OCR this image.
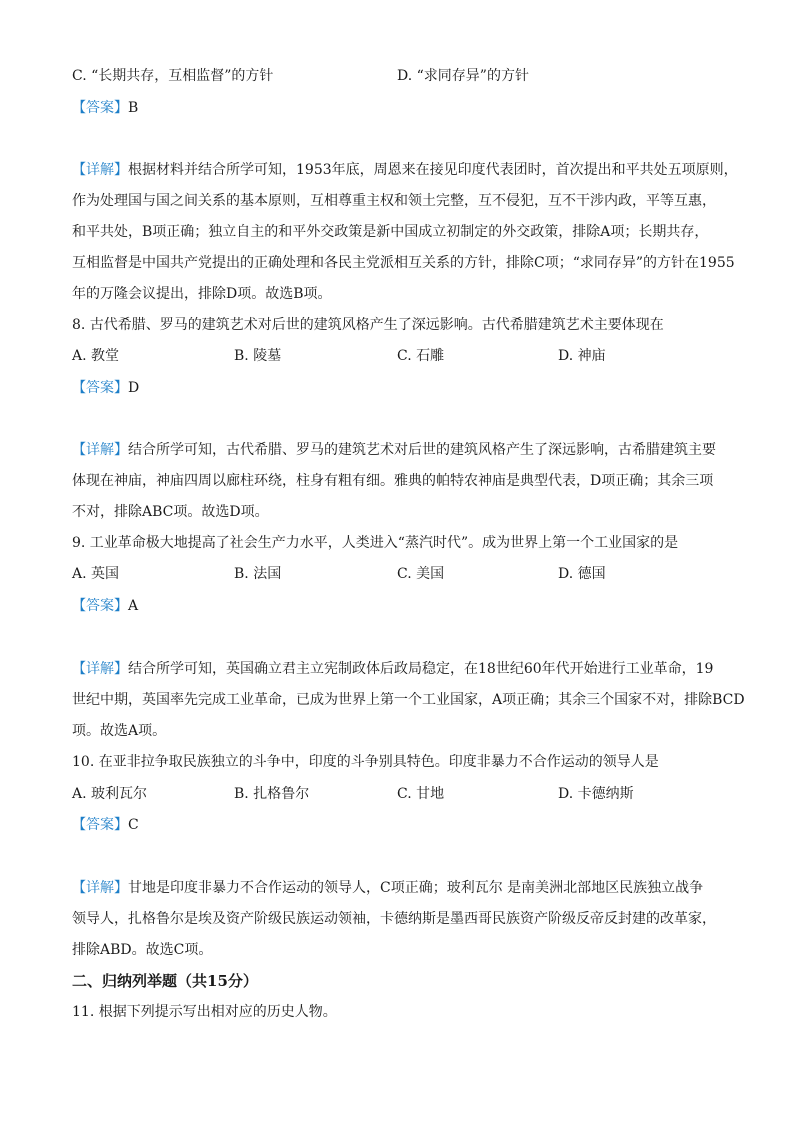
C. “长期共存，互相监督”的方针	D. “求同存异”的方针
【答案】B
【详解】根据材料并结合所学可知，1953年底，周恩来在接见印度代表团时，首次提出和平共处五项原则，
作为处理国与国之间关系的基本原则，互相尊重主权和领土完整，互不侵犯，互不干涉内政，平等互惠，
和平共处，B项正确；独立自主的和平外交政策是新中国成立初制定的外交政策，排除A项；长期共存，
互相监督是中国共产党提出的正确处理和各民主党派相互关系的方针，排除C项；“求同存异”的方针在1955
年的万隆会议提出，排除D项。故选B项。
8. 古代希腊、罗马的建筑艺术对后世的建筑风格产生了深远影响。古代希腊建筑艺术主要体现在
A. 教堂	B. 陵墓	C. 石雕	D. 神庙
【答案】D
【详解】结合所学可知，古代希腊、罗马的建筑艺术对后世的建筑风格产生了深远影响，古希腊建筑主要
体现在神庙，神庙四周以廊柱环绕，柱身有粗有细。雅典的帕特农神庙是典型代表，D项正确；其余三项
不对，排除ABC项。故选D项。
9. 工业革命极大地提高了社会生产力水平，人类进入“蒸汽时代”。成为世界上第一个工业国家的是
A. 英国	B. 法国	C. 美国	D. 德国
【答案】A
【详解】结合所学可知，英国确立君主立宪制政体后政局稳定，在18世纪60年代开始进行工业革命，19
世纪中期，英国率先完成工业革命，已成为世界上第一个工业国家，A项正确；其余三个国家不对，排除BCD
项。故选A项。
10. 在亚非拉争取民族独立的斗争中，印度的斗争别具特色。印度非暴力不合作运动的领导人是
A. 玻利瓦尔	B. 扎格鲁尔	C. 甘地	D. 卡德纳斯
【答案】C
【详解】甘地是印度非暴力不合作运动的领导人，C项正确；玻利瓦尔 是南美洲北部地区民族独立战争
领导人，扎格鲁尔是埃及资产阶级民族运动领袖，卡德纳斯是墨西哥民族资产阶级反帝反封建的改革家，
排除ABD。故选C项。
二、归纳列举题（共15分）
11. 根据下列提示写出相对应的历史人物。
